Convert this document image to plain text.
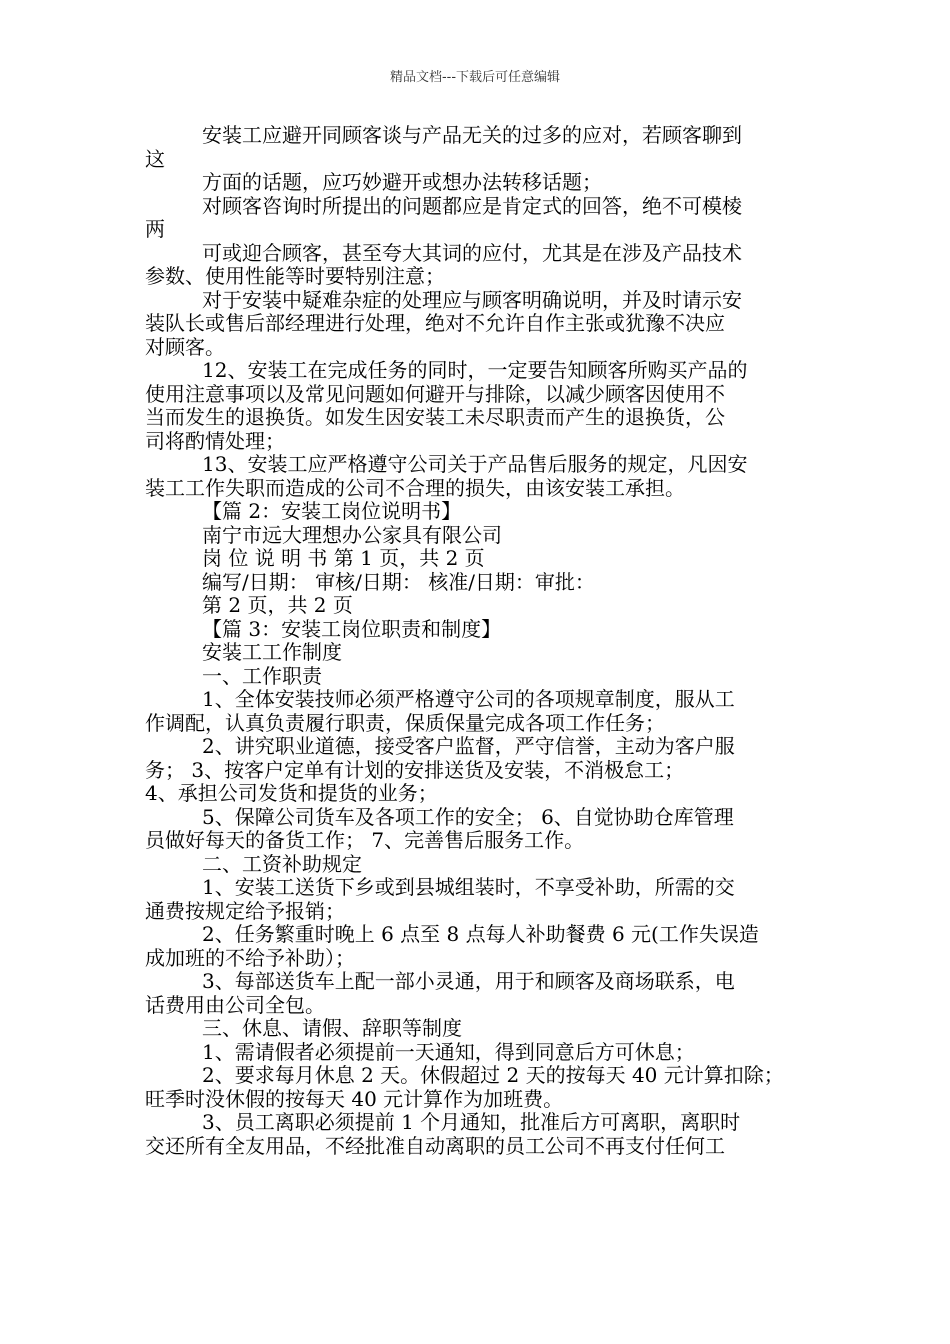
精品文档---下载后可任意编辑
安装工应避开同顾客谈与产品无关的过多的应对，若顾客聊到
这
方面的话题，应巧妙避开或想办法转移话题；
对顾客咨询时所提出的问题都应是肯定式的回答，绝不可模棱
两
可或迎合顾客，甚至夸大其词的应付，尤其是在涉及产品技术
参数、使用性能等时要特别注意；
对于安装中疑难杂症的处理应与顾客明确说明，并及时请示安
装队长或售后部经理进行处理，绝对不允许自作主张或犹豫不决应
对顾客。
12、安装工在完成任务的同时，一定要告知顾客所购买产品的
使用注意事项以及常见问题如何避开与排除，以减少顾客因使用不
当而发生的退换货。如发生因安装工未尽职责而产生的退换货，公
司将酌情处理；
13、安装工应严格遵守公司关于产品售后服务的规定，凡因安
装工工作失职而造成的公司不合理的损失，由该安装工承担。
【篇 2：安装工岗位说明书】
南宁市远大理想办公家具有限公司
岗 位 说 明 书 第 1 页，共 2 页
编写/日期： 审核/日期： 核准/日期：审批：
第 2 页，共 2 页
【篇 3：安装工岗位职责和制度】
安装工工作制度
一、工作职责
1、全体安装技师必须严格遵守公司的各项规章制度，服从工
作调配，认真负责履行职责，保质保量完成各项工作任务；
2、讲究职业道德，接受客户监督，严守信誉，主动为客户服
务； 3、按客户定单有计划的安排送货及安装，不消极怠工；
4、承担公司发货和提货的业务；
5、保障公司货车及各项工作的安全； 6、自觉协助仓库管理
员做好每天的备货工作； 7、完善售后服务工作。
二、工资补助规定
1、安装工送货下乡或到县城组装时，不享受补助，所需的交
通费按规定给予报销；
2、任务繁重时晚上 6 点至 8 点每人补助餐费 6 元(工作失误造
成加班的不给予补助）；
3、每部送货车上配一部小灵通，用于和顾客及商场联系，电
话费用由公司全包。
三、休息、请假、辞职等制度
1、需请假者必须提前一天通知，得到同意后方可休息；
2、要求每月休息 2 天。休假超过 2 天的按每天 40 元计算扣除；
旺季时没休假的按每天 40 元计算作为加班费。
3、员工离职必须提前 1 个月通知，批准后方可离职，离职时
交还所有全友用品，不经批准自动离职的员工公司不再支付任何工
